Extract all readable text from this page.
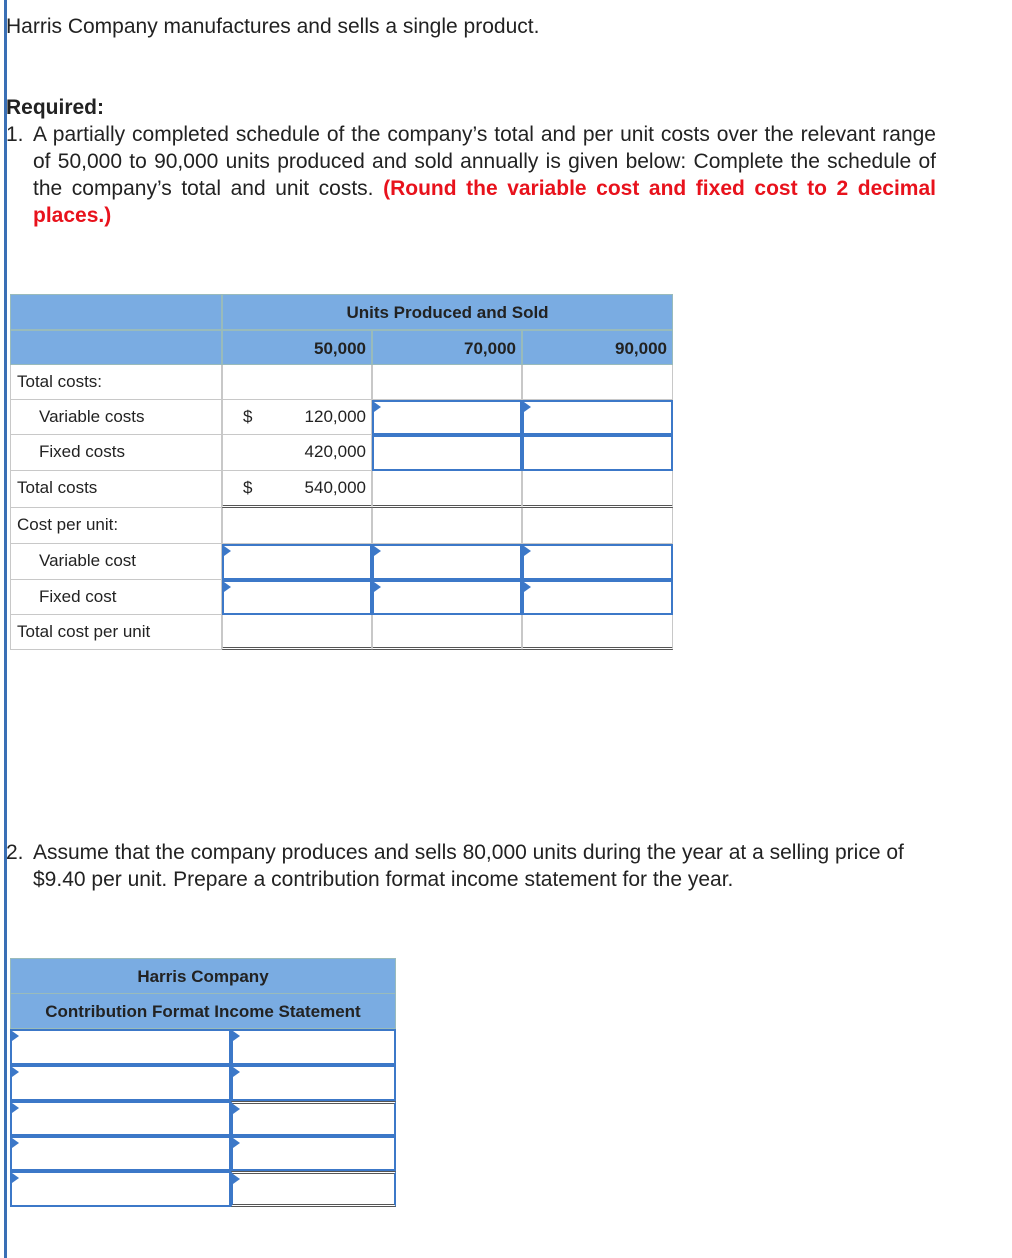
Harris Company manufactures and sells a single product.
Required:
1. A partially completed schedule of the company’s total and per unit costs over the relevant range of 50,000 to 90,000 units produced and sold annually is given below: Complete the schedule of the company’s total and unit costs. (Round the variable cost and fixed cost to 2 decimal places.)
Units Produced and Sold
50,000	70,000	90,000
Total costs:
Variable costs	$	120,000
Fixed costs	420,000
Total costs	$	540,000
Cost per unit:
Variable cost
Fixed cost
Total cost per unit
2. Assume that the company produces and sells 80,000 units during the year at a selling price of $9.40 per unit. Prepare a contribution format income statement for the year.
Harris Company
Contribution Format Income Statement
